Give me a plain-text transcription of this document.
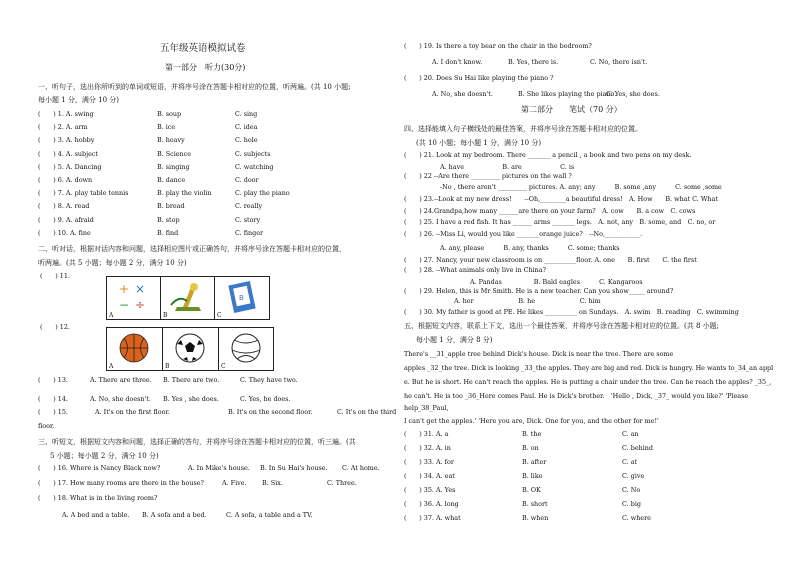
五年级英语模拟试卷
第一部分　听力(30分)
一、听句子，选出你所听到的单词或短语，并将序号涂在答题卡相对应的位置，听两遍。(共 10 小题;
每小题 1 分，满分 10 分)
(　　) 1. A. swing	B. soup	C. sing
(　　) 2. A. arm	B. ice	C. idea
(　　) 3. A. hobby	B. heavy	C. hole
(　　) 4. A. subject	B. Science	C. subjects
(　　) 5. A. Dancing	B. singing	C. watching
(　　) 6. A. down	B. dance	C. door
(　　) 7. A. play table tennis	B. play the violin	C. play the piano
(　　) 8. A. read	B. bread	C. really
(　　) 9. A. afraid	B. stop	C. story
(　　) 10. A. fine	B. find	C. finger
二、听对话，根据对话内容和问题，选择相应图片或正确答句，并将序号涂在答题卡相对应的位置，
听两遍。(共 5 小题；每小题 2 分，满分 10 分)
(　　) 11.
+ ×
− ÷
A	B
B
C
(　　) 12.
A	B	C
(　　) 13.	A. There are three. B. There are two.	C. They have two.
(　　) 14.	A. No, she doesn't. B. Yes , she does.	C. Yes, he does.
(　　) 15.	A. It's on the first floor.	B. It's on the second floor.	C. It's on the third
floor.
三、听短文，根据短文内容和问题，选择正确的答句，并将序号涂在答题卡相对应的位置，听三遍。(共
5 小题；每小题 2 分，满分 10 分)
(　　) 16. Where is Nancy Black now?	A. In Mike's house. B. In Su Hai's house. C. At home.
(　　) 17. How many rooms are there in the house?	A. Five. B. Six.	C. Three.
(　　) 18. What is in the living room?
A. A bed and a table. B. A sofa and a bed.	C. A sofa, a table and a TV.
(　　) 19. Is there a toy bear on the chair in the bedroom?
A. I don't know.	B. Yes, there is.	C. No, there isn't.
(　　) 20. Does Su Hai like playing the piano ?
A. No, she doesn't.	B. She likes playing the piano.
C. Yes, she does.
第二部分　　笔试（70 分）
四、选择能填入句子横线处的最佳答案，并将序号涂在答题卡相对应的位置。
(共 10 小题；每小题 1 分，满分 10 分)
(　　) 21. Look at my bedroom. There _______ a pencil , a book and two pens on my desk.
A. have　　　　　　B. are　　　　　　C. is
(　　) 22 --Are there _________ pictures on the wall ?
-No , there aren't _________ pictures. A. any; any　　　B. some ,any　　　C. some ,some
(　　) 23.--Look at my new dress!　　--Oh,________a beautiful dress!　A. How　　B. what C. What
(　　) 24.Grandpa,how many ______are there on your farm?　A. cow　　B. a cow　C. cows
(　　) 25. I have a red fish. It has ______ arms _______ legs.　A. not, any　B. some, and　C. no, or
(　　) 26. --Miss Li, would you like _______orange juice?　--No,___________.
A. any, please　　　B. any, thanks　　　C. some; thanks
(　　) 27. Nancy, your new classroom is on __________floor. A. one　　B. first　　C. the first
(　　) 28. --What animals only live in China?
A. Pandas　　　　　B. Bald eagles　　　C. Kangaroos
(　　) 29. Helen, this is Mr Smith. He is a new teacher. Can you show_____ around?
A. her　　　　　　　B. he　　　　　　　C. him
(　　) 30. My father is good at PE. He likes __________ on Sundays.　A. swim　B. reading　C. swimming
五、根据短文内容，联系上下文，选出一个最佳答案，并将序号涂在答题卡相对应的位置。(共 8 小题;
每小题 1 分，满分 8 分)
There's __31_apple tree behind Dick's house. Dick is near the tree. There are some
apples _32_the tree. Dick is looking _33_the apples. They are big and red. Dick is hungry. He wants to_34_an appl
e. But he is short. He can't reach the apples. He is putting a chair under the tree. Can he reach the apples? _35_,
he can't. He is too _36_Here comes Paul. He is Dick's brother.　'Hello , Dick, _37_ would you like?' 'Please
help_38_Paul,
I can't get the apples.' 'Here you are, Dick. One for you, and the other for me!'
(　　) 31. A. a	B. the	C. an
(　　) 32. A. in	B. on	C. behind
(　　) 33. A. for	B. after	C. at
(　　) 34. A. eat	B. like	C. give
(　　) 35. A. Yes	B. OK	C. No
(　　) 36. A. long	B. short	C. big
(　　) 37. A. what	B. when	C. where
